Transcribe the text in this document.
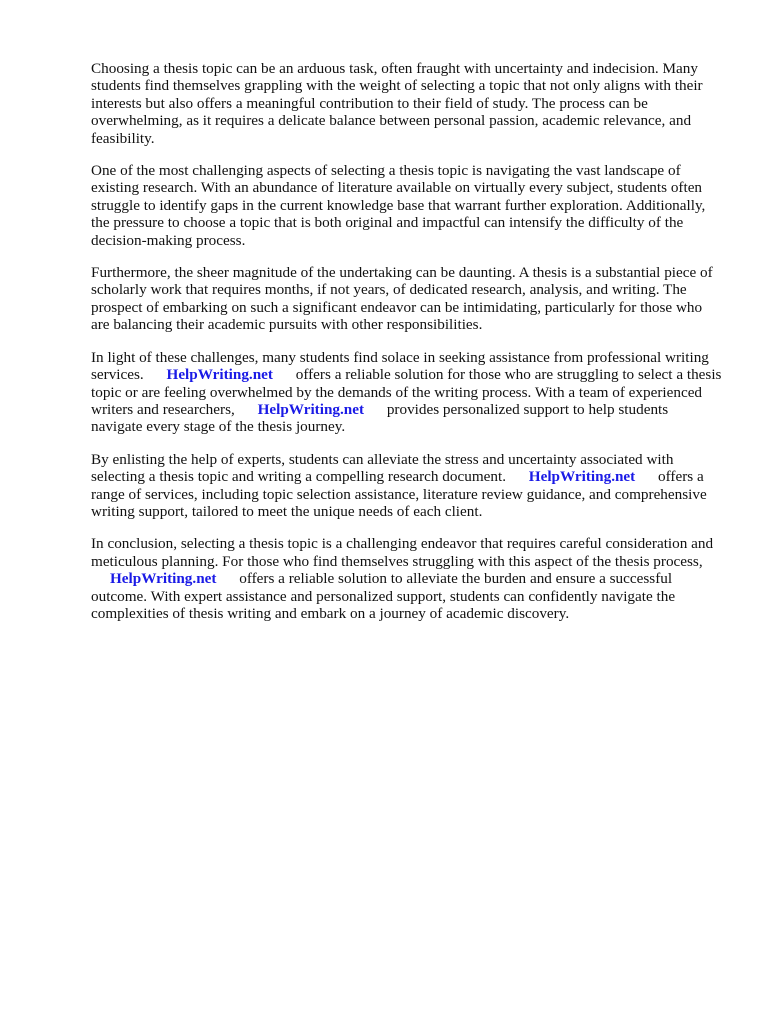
Choosing a thesis topic can be an arduous task, often fraught with uncertainty and indecision. Many students find themselves grappling with the weight of selecting a topic that not only aligns with their interests but also offers a meaningful contribution to their field of study. The process can be overwhelming, as it requires a delicate balance between personal passion, academic relevance, and feasibility.

One of the most challenging aspects of selecting a thesis topic is navigating the vast landscape of existing research. With an abundance of literature available on virtually every subject, students often struggle to identify gaps in the current knowledge base that warrant further exploration. Additionally, the pressure to choose a topic that is both original and impactful can intensify the difficulty of the decision-making process.

Furthermore, the sheer magnitude of the undertaking can be daunting. A thesis is a substantial piece of scholarly work that requires months, if not years, of dedicated research, analysis, and writing. The prospect of embarking on such a significant endeavor can be intimidating, particularly for those who are balancing their academic pursuits with other responsibilities.

In light of these challenges, many students find solace in seeking assistance from professional writing services. HelpWriting.net offers a reliable solution for those who are struggling to select a thesis topic or are feeling overwhelmed by the demands of the writing process. With a team of experienced writers and researchers, HelpWriting.net provides personalized support to help students navigate every stage of the thesis journey.

By enlisting the help of experts, students can alleviate the stress and uncertainty associated with selecting a thesis topic and writing a compelling research document. HelpWriting.net offers a range of services, including topic selection assistance, literature review guidance, and comprehensive writing support, tailored to meet the unique needs of each client.

In conclusion, selecting a thesis topic is a challenging endeavor that requires careful consideration and meticulous planning. For those who find themselves struggling with this aspect of the thesis process,      HelpWriting.net offers a reliable solution to alleviate the burden and ensure a successful outcome. With expert assistance and personalized support, students can confidently navigate the complexities of thesis writing and embark on a journey of academic discovery.
